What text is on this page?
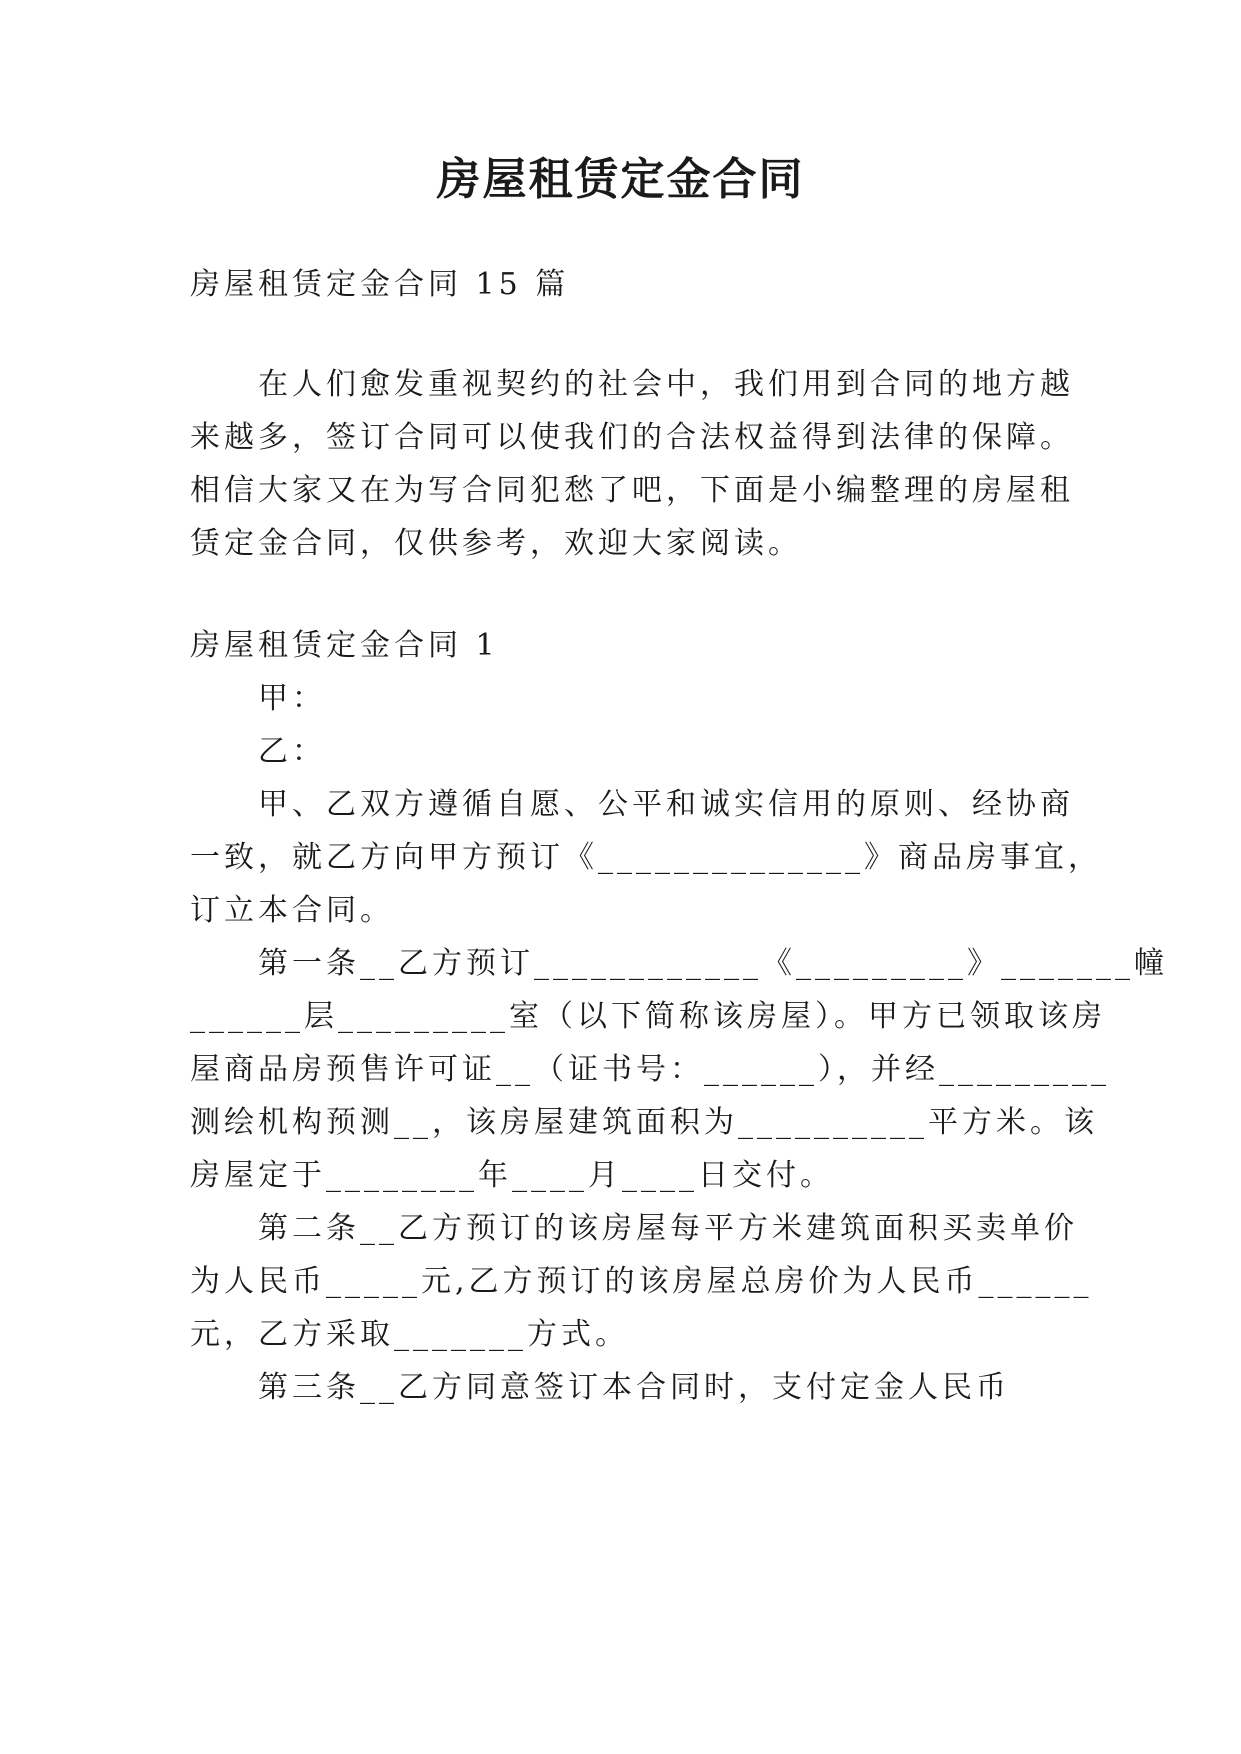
房屋租赁定金合同
房屋租赁定金合同 15 篇
在人们愈发重视契约的社会中，我们用到合同的地方越
来越多，签订合同可以使我们的合法权益得到法律的保障。
相信大家又在为写合同犯愁了吧，下面是小编整理的房屋租
赁定金合同，仅供参考，欢迎大家阅读。
房屋租赁定金合同 1
甲：
乙：
甲、乙双方遵循自愿、公平和诚实信用的原则、经协商
一致，就乙方向甲方预订《______________》商品房事宜，
订立本合同。
第一条__乙方预订____________《_________》_______幢
______层_________室（以下简称该房屋）。甲方已领取该房
屋商品房预售许可证__（证书号：______），并经_________
测绘机构预测__，该房屋建筑面积为__________平方米。该
房屋定于________年____月____日交付。
第二条__乙方预订的该房屋每平方米建筑面积买卖单价
为人民币_____元,乙方预订的该房屋总房价为人民币______
元，乙方采取_______方式。
第三条__乙方同意签订本合同时，支付定金人民币
